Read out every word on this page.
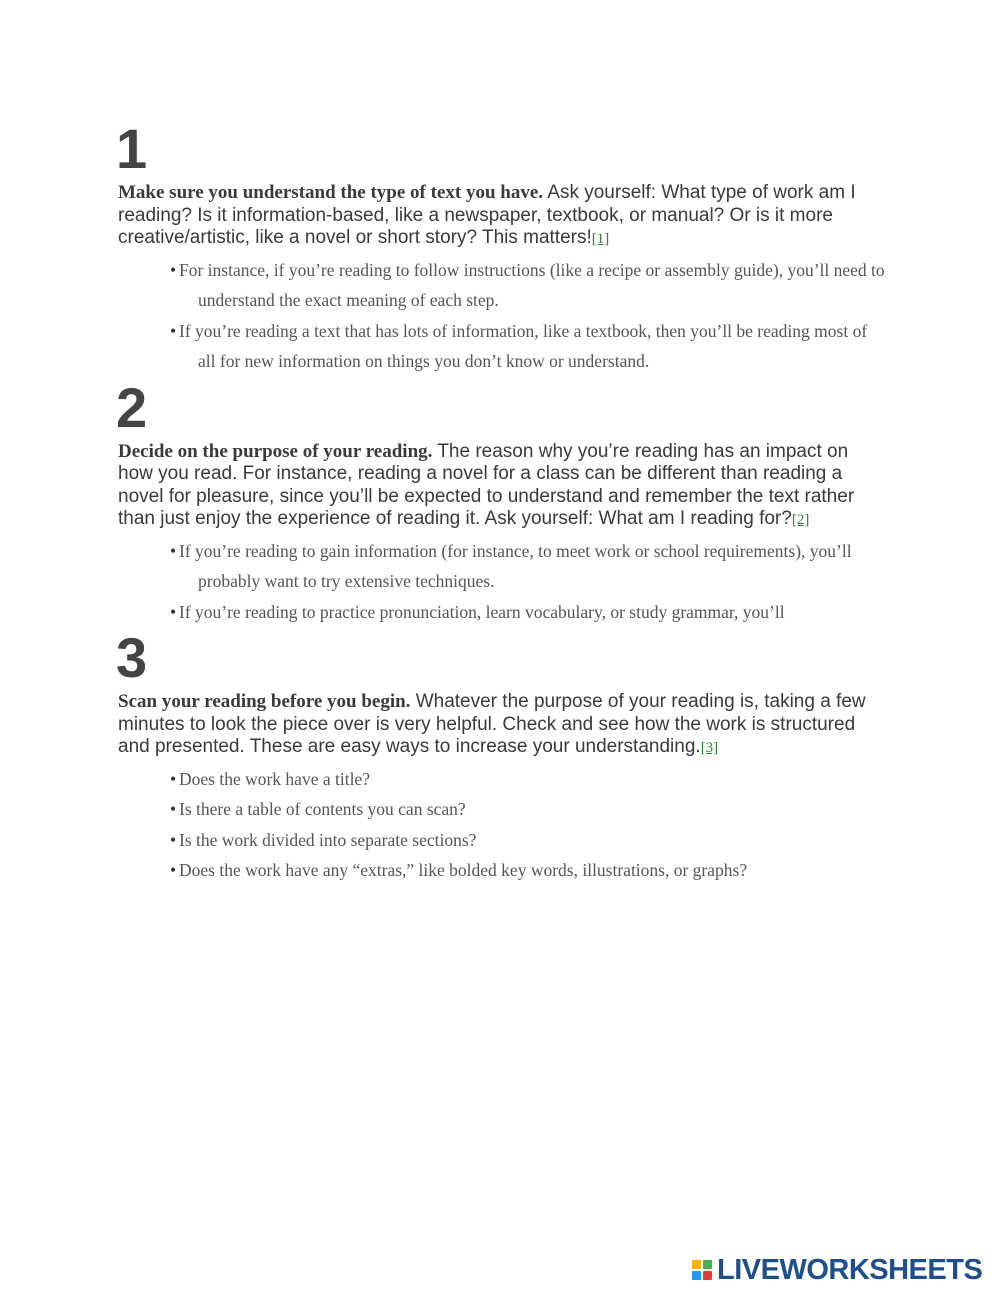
1

Make sure you understand the type of text you have. Ask yourself: What type of work am I reading? Is it information-based, like a newspaper, textbook, or manual? Or is it more creative/artistic, like a novel or short story? This matters![1]

• For instance, if you’re reading to follow instructions (like a recipe or assembly guide), you’ll need to understand the exact meaning of each step.
• If you’re reading a text that has lots of information, like a textbook, then you’ll be reading most of all for new information on things you don’t know or understand.
2

Decide on the purpose of your reading. The reason why you’re reading has an impact on how you read. For instance, reading a novel for a class can be different than reading a novel for pleasure, since you’ll be expected to understand and remember the text rather than just enjoy the experience of reading it. Ask yourself: What am I reading for?[2]

• If you’re reading to gain information (for instance, to meet work or school requirements), you’ll probably want to try extensive techniques.
• If you’re reading to practice pronunciation, learn vocabulary, or study grammar, you’ll
3

Scan your reading before you begin. Whatever the purpose of your reading is, taking a few minutes to look the piece over is very helpful. Check and see how the work is structured and presented. These are easy ways to increase your understanding.[3]

• Does the work have a title?
• Is there a table of contents you can scan?
• Is the work divided into separate sections?
• Does the work have any “extras,” like bolded key words, illustrations, or graphs?
LIVEWORKSHEETS
